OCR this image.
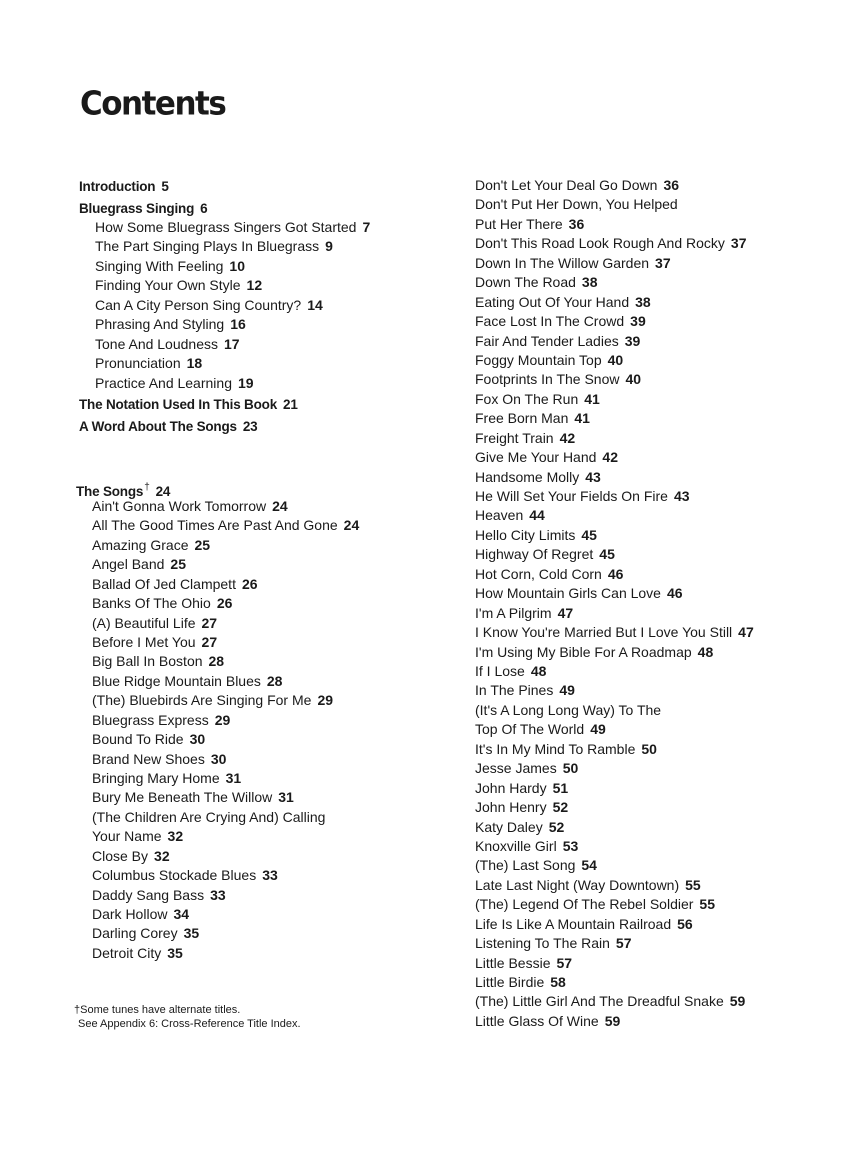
Contents
Introduction 5
Bluegrass Singing 6
How Some Bluegrass Singers Got Started 7
The Part Singing Plays In Bluegrass 9
Singing With Feeling 10
Finding Your Own Style 12
Can A City Person Sing Country? 14
Phrasing And Styling 16
Tone And Loudness 17
Pronunciation 18
Practice And Learning 19
The Notation Used In This Book 21
A Word About The Songs 23
Ain't Gonna Work Tomorrow 24
All The Good Times Are Past And Gone 24
Amazing Grace 25
Angel Band 25
Ballad Of Jed Clampett 26
Banks Of The Ohio 26
(A) Beautiful Life 27
Before I Met You 27
Big Ball In Boston 28
Blue Ridge Mountain Blues 28
(The) Bluebirds Are Singing For Me 29
Bluegrass Express 29
Bound To Ride 30
Brand New Shoes 30
Bringing Mary Home 31
Bury Me Beneath The Willow 31
(The Children Are Crying And) Calling
Your Name 32
Close By 32
Columbus Stockade Blues 33
Daddy Sang Bass 33
Dark Hollow 34
Darling Corey 35
Detroit City 35
Don't Let Your Deal Go Down 36
Don't Put Her Down, You Helped
Put Her There 36
Don't This Road Look Rough And Rocky 37
Down In The Willow Garden 37
Down The Road 38
Eating Out Of Your Hand 38
Face Lost In The Crowd 39
Fair And Tender Ladies 39
Foggy Mountain Top 40
Footprints In The Snow 40
Fox On The Run 41
Free Born Man 41
Freight Train 42
Give Me Your Hand 42
Handsome Molly 43
He Will Set Your Fields On Fire 43
Heaven 44
Hello City Limits 45
Highway Of Regret 45
Hot Corn, Cold Corn 46
How Mountain Girls Can Love 46
I'm A Pilgrim 47
I Know You're Married But I Love You Still 47
I'm Using My Bible For A Roadmap 48
If I Lose 48
In The Pines 49
(It's A Long Long Way) To The
Top Of The World 49
It's In My Mind To Ramble 50
Jesse James 50
John Hardy 51
John Henry 52
Katy Daley 52
Knoxville Girl 53
(The) Last Song 54
Late Last Night (Way Downtown) 55
(The) Legend Of The Rebel Soldier 55
Life Is Like A Mountain Railroad 56
Listening To The Rain 57
Little Bessie 57
Little Birdie 58
(The) Little Girl And The Dreadful Snake 59
Little Glass Of Wine 59
The Songs† 24
†Some tunes have alternate titles.
See Appendix 6: Cross-Reference Title Index.
